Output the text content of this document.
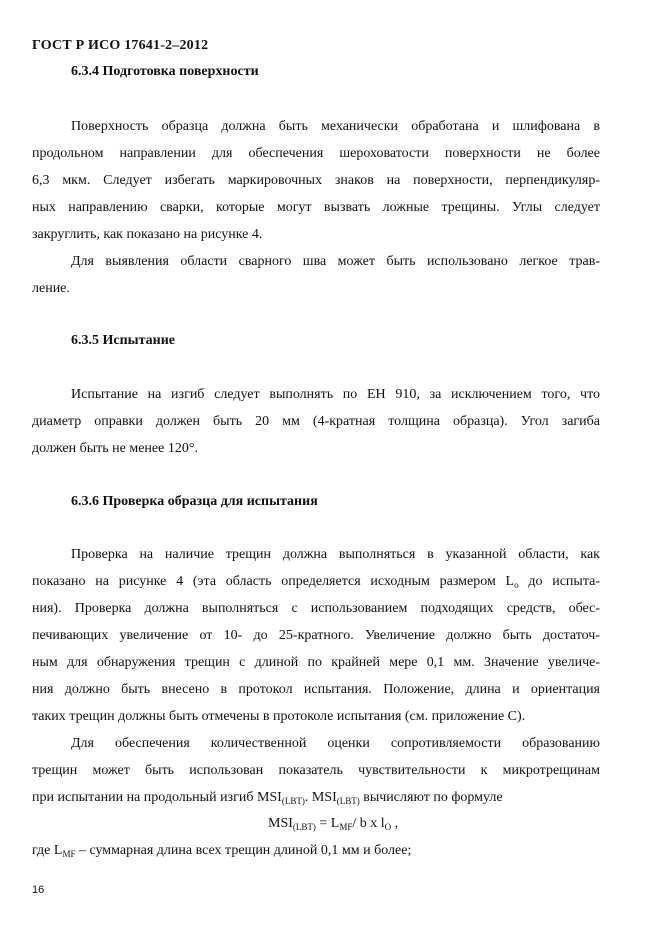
ГОСТ Р ИСО 17641-2–2012
6.3.4 Подготовка поверхности
Поверхность образца должна быть механически обработана и шлифована в
продольном направлении для обеспечения шероховатости поверхности не более
6,3 мкм. Следует избегать маркировочных знаков на поверхности, перпендикуляр-
ных направлению сварки, которые могут вызвать ложные трещины. Углы следует
закруглить, как показано на рисунке 4.
Для выявления области сварного шва может быть использовано легкое трав-
ление.
6.3.5 Испытание
Испытание на изгиб следует выполнять по ЕН 910, за исключением того, что
диаметр оправки должен быть 20 мм (4-кратная толщина образца). Угол загиба
должен быть не менее 120°.
6.3.6 Проверка образца для испытания
Проверка на наличие трещин должна выполняться в указанной области, как
показано на рисунке 4 (эта область определяется исходным размером $L_o$ до испыта-
ния). Проверка должна выполняться с использованием подходящих средств, обес-
печивающих увеличение от 10- до 25-кратного. Увеличение должно быть достаточ-
ным для обнаружения трещин с длиной по крайней мере 0,1 мм. Значение увеличе-
ния должно быть внесено в протокол испытания. Положение, длина и ориентация
таких трещин должны быть отмечены в протоколе испытания (см. приложение С).
Для обеспечения количественной оценки сопротивляемости образованию
трещин может быть использован показатель чувствительности к микротрещинам
при испытании на продольный изгиб $MSI_{(LBT)}$. $MSI_{(LBT)}$ вычисляют по формуле
$MSI_{(LBT)} = L_{MF}/$ b x $l_O$ ,
где $L_{MF}$ – суммарная длина всех трещин длиной 0,1 мм и более;
16
